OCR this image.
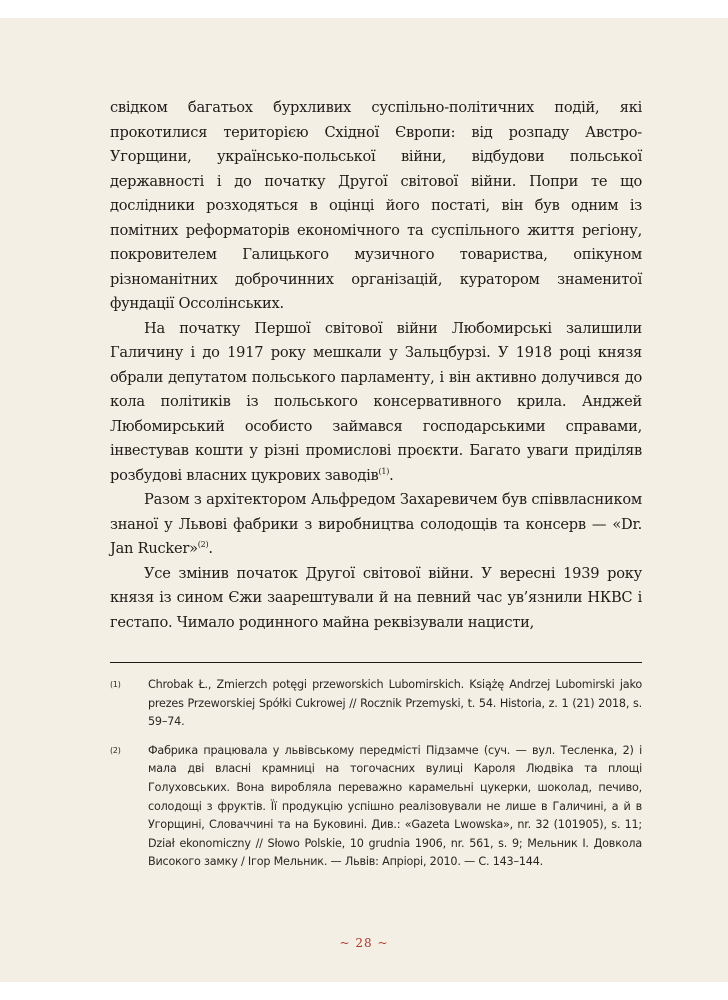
свідком багатьох бурхливих суспільно-політичних подій, які прокотилися територією Східної Європи: від розпаду Австро-Угорщини, українсько-польської війни, відбудови польської державності і до початку Другої світової війни. Попри те що дослідники розходяться в оцінці його постаті, він був одним із помітних реформаторів економічного та суспільного життя регіону, покровителем Галицького музичного товариства, опікуном різноманітних доброчинних організацій, куратором знаменитої фундації Оссолінських.

На початку Першої світової війни Любомирські залишили Галичину і до 1917 року мешкали у Зальцбурзі. У 1918 році князя обрали депутатом польського парламенту, і він активно долучився до кола політиків із польського консервативного крила. Анджей Любомирський особисто займався господарськими справами, інвестував кошти у різні промислові проєкти. Багато уваги приділяв розбудові власних цукрових заводів$^{(1)}$.

Разом з архітектором Альфредом Захаревичем був співвласником знаної у Львові фабрики з виробництва солодощів та консерв — «Dr. Jan Rucker»$^{(2)}$.

Усе змінив початок Другої світової війни. У вересні 1939 року князя із сином Єжи заарештували й на певний час ув’язнили НКВС і гестапо. Чимало родинного майна реквізували нацисти,

(1)	Chrobak Ł., Zmierzch potęgi przeworskich Lubomirskich. Książę Andrzej Lubomirski jako prezes Przeworskiej Spółki Cukrowej // Rocznik Przemyski, t. 54. Historia, z. 1 (21) 2018, s. 59–74.
(2)	Фабрика працювала у львівському передмісті Підзамче (суч. — вул. Тесленка, 2) і мала дві власні крамниці на тогочасних вулиці Кароля Людвіка та площі Голуховських. Вона виробляла переважно карамельні цукерки, шоколад, печиво, солодощі з фруктів. Її продукцію успішно реалізовували не лише в Галичині, а й в Угорщині, Словаччині та на Буковині. Див.: «Gazeta Lwowska», nr. 32 (101905), s. 11; Dział ekonomiczny // Słowo Polskie, 10 grudnia 1906, nr. 561, s. 9; Мельник І. Довкола Високого замку / Ігор Мельник. — Львів: Апріорі, 2010. — С. 143–144.
~ 28 ~
